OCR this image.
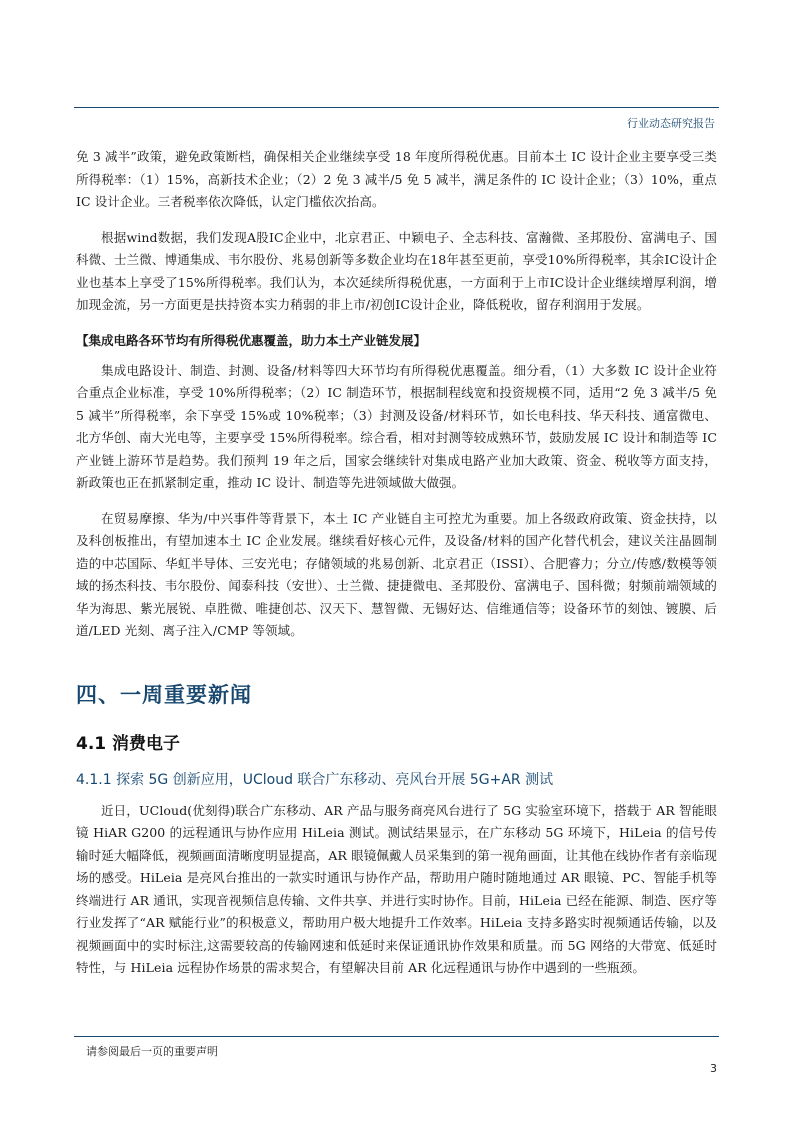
行业动态研究报告

免 3 减半”政策，避免政策断档，确保相关企业继续享受 18 年度所得税优惠。目前本土 IC 设计企业主要享受三类所得税率：（1）15%，高新技术企业；（2）2 免 3 减半/5 免 5 减半，满足条件的 IC 设计企业；（3）10%，重点 IC 设计企业。三者税率依次降低，认定门槛依次抬高。

根据wind数据，我们发现A股IC企业中，北京君正、中颖电子、全志科技、富瀚微、圣邦股份、富满电子、国科微、士兰微、博通集成、韦尔股份、兆易创新等多数企业均在18年甚至更前，享受10%所得税率，其余IC设计企业也基本上享受了15%所得税率。我们认为，本次延续所得税优惠，一方面利于上市IC设计企业继续增厚利润，增加现金流，另一方面更是扶持资本实力稍弱的非上市/初创IC设计企业，降低税收，留存利润用于发展。

【集成电路各环节均有所得税优惠覆盖，助力本土产业链发展】

集成电路设计、制造、封测、设备/材料等四大环节均有所得税优惠覆盖。细分看，（1）大多数 IC 设计企业符合重点企业标准，享受 10%所得税率；（2）IC 制造环节，根据制程线宽和投资规模不同，适用“2 免 3 减半/5 免 5 减半”所得税率，余下享受 15%或 10%税率；（3）封测及设备/材料环节，如长电科技、华天科技、通富微电、北方华创、南大光电等，主要享受 15%所得税率。综合看，相对封测等较成熟环节，鼓励发展 IC 设计和制造等 IC 产业链上游环节是趋势。我们预判 19 年之后，国家会继续针对集成电路产业加大政策、资金、税收等方面支持，新政策也正在抓紧制定重，推动 IC 设计、制造等先进领域做大做强。

在贸易摩擦、华为/中兴事件等背景下，本土 IC 产业链自主可控尤为重要。加上各级政府政策、资金扶持，以及科创板推出，有望加速本土 IC 企业发展。继续看好核心元件，及设备/材料的国产化替代机会，建议关注晶圆制造的中芯国际、华虹半导体、三安光电；存储领域的兆易创新、北京君正（ISSI）、合肥睿力；分立/传感/数模等领域的扬杰科技、韦尔股份、闻泰科技（安世）、士兰微、捷捷微电、圣邦股份、富满电子、国科微；射频前端领域的华为海思、紫光展锐、卓胜微、唯捷创芯、汉天下、慧智微、无锡好达、信维通信等；设备环节的刻蚀、镀膜、后道/LED 光刻、离子注入/CMP 等领域。

四、一周重要新闻
4.1 消费电子
4.1.1 探索 5G 创新应用，UCloud 联合广东移动、亮风台开展 5G+AR 测试

近日，UCloud(优刻得)联合广东移动、AR 产品与服务商亮风台进行了 5G 实验室环境下，搭载于 AR 智能眼镜 HiAR G200 的远程通讯与协作应用 HiLeia 测试。测试结果显示，在广东移动 5G 环境下，HiLeia 的信号传输时延大幅降低，视频画面清晰度明显提高，AR 眼镜佩戴人员采集到的第一视角画面，让其他在线协作者有亲临现场的感受。HiLeia 是亮风台推出的一款实时通讯与协作产品，帮助用户随时随地通过 AR 眼镜、PC、智能手机等终端进行 AR 通讯，实现音视频信息传输、文件共享、并进行实时协作。目前，HiLeia 已经在能源、制造、医疗等行业发挥了“AR 赋能行业”的积极意义，帮助用户极大地提升工作效率。HiLeia 支持多路实时视频通话传输，以及视频画面中的实时标注,这需要较高的传输网速和低延时来保证通讯协作效果和质量。而 5G 网络的大带宽、低延时特性，与 HiLeia 远程协作场景的需求契合，有望解决目前 AR 化远程通讯与协作中遇到的一些瓶颈。

请参阅最后一页的重要声明
3
